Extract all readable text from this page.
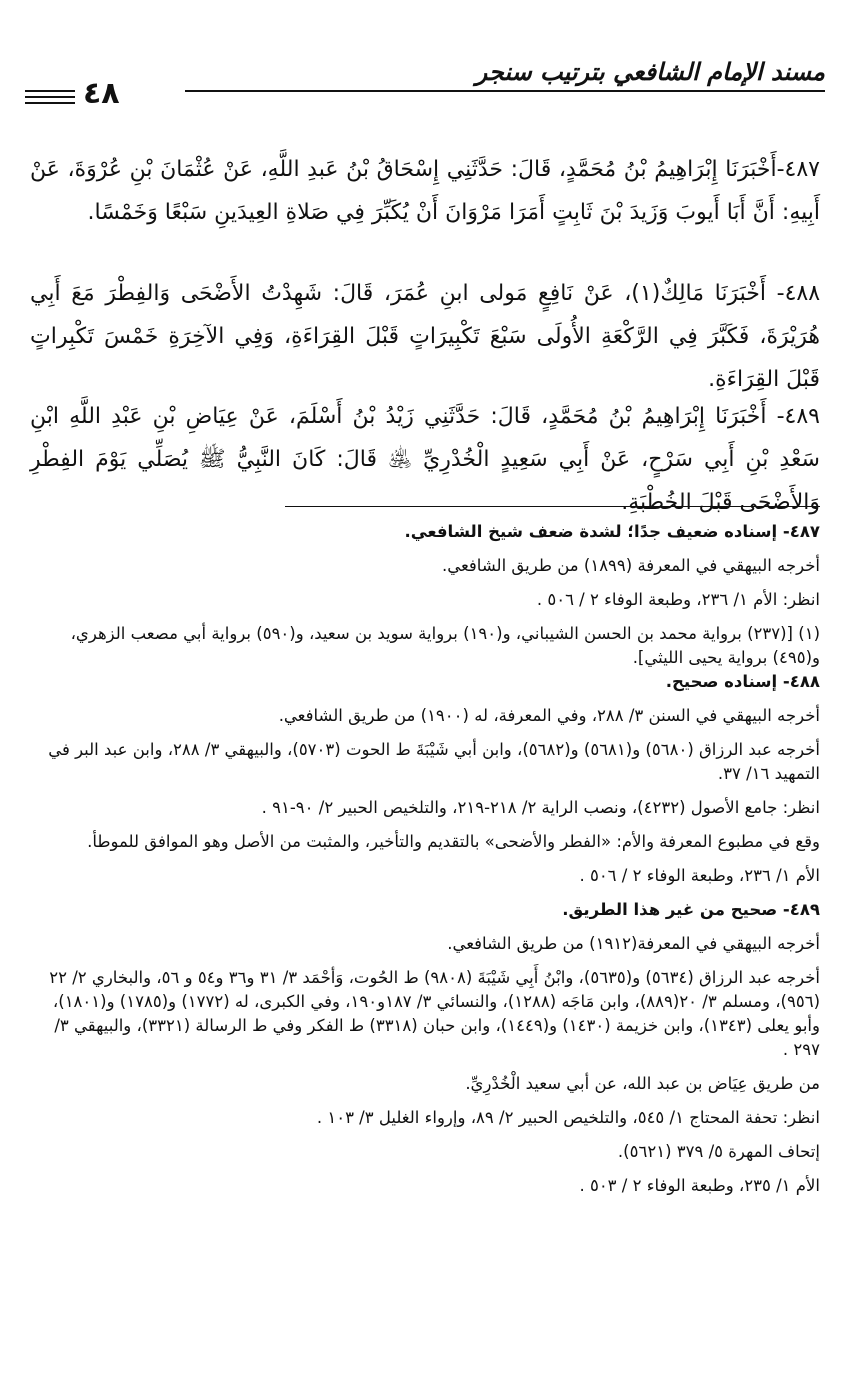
مسند الإمام الشافعي بترتيب سنجر
٤٨

٤٨٧-أَخْبَرَنَا إِبْرَاهِيمُ بْنُ مُحَمَّدٍ، قَالَ: حَدَّثَنِي إِسْحَاقُ بْنُ عَبدِ اللَّهِ، عَنْ عُثْمَانَ بْنِ عُرْوَةَ، عَنْ أَبِيهِ: أَنَّ أَبَا أَيوبَ وَزَيدَ بْنَ ثَابِتٍ أَمَرَا مَرْوَانَ أَنْ يُكَبِّرَ فِي صَلاةِ العِيدَينِ سَبْعًا وَخَمْسًا.

٤٨٨- أَخْبَرَنَا مَالِكٌ(١)، عَنْ نَافِعٍ مَولى ابنِ عُمَرَ، قَالَ: شَهِدْتُ الأَضْحَى وَالفِطْرَ مَعَ أَبِي هُرَيْرَةَ، فَكَبَّرَ فِي الرَّكْعَةِ الأُولَى سَبْعَ تَكْبِيرَاتٍ قَبْلَ القِرَاءَةِ، وَفِي الآخِرَةِ خَمْسَ تَكْبِراتٍ قَبْلَ القِرَاءَةِ.

٤٨٩- أَخْبَرَنَا إِبْرَاهِيمُ بْنُ مُحَمَّدٍ، قَالَ: حَدَّثَنِي زَيْدُ بْنُ أَسْلَمَ، عَنْ عِيَاضِ بْنِ عَبْدِ اللَّهِ ابْنِ سَعْدِ بْنِ أَبِي سَرْحٍ، عَنْ أَبِي سَعِيدٍ الْخُدْرِيِّ ﵁ قَالَ: كَانَ النَّبِيُّ ﷺ يُصَلِّي يَوْمَ الفِطْرِ وَالأَضْحَى قَبْلَ الخُطْبَةِ.

٤٨٧- إسناده ضعيف جدًا؛ لشدة ضعف شيخ الشافعي.

أخرجه البيهقي في المعرفة (١٨٩٩) من طريق الشافعي.

انظر: الأم ١/ ٢٣٦، وطبعة الوفاء ٢ / ٥٠٦ .

(١) [(٢٣٧) برواية محمد بن الحسن الشيباني، و(١٩٠) برواية سويد بن سعيد، و(٥٩٠) برواية أبي مصعب الزهري، و(٤٩٥) برواية يحيى الليثي].

٤٨٨- إسناده صحيح.

أخرجه البيهقي في السنن ٣/ ٢٨٨، وفي المعرفة، له (١٩٠٠) من طريق الشافعي.

أخرجه عبد الرزاق (٥٦٨٠) و(٥٦٨١) و(٥٦٨٢)، وابن أبي شَيْبَةَ ط الحوت (٥٧٠٣)، والبيهقي ٣/ ٢٨٨، وابن عبد البر في التمهيد ١٦/ ٣٧.

انظر: جامع الأصول (٤٢٣٢)، ونصب الراية ٢/ ٢١٨-٢١٩، والتلخيص الحبير ٢/ ٩٠-٩١ .

وقع في مطبوع المعرفة والأم: «الفطر والأضحى» بالتقديم والتأخير، والمثبت من الأصل وهو الموافق للموطأ.

الأم ١/ ٢٣٦، وطبعة الوفاء ٢ / ٥٠٦ .

٤٨٩- صحيح من غير هذا الطريق.

أخرجه البيهقي في المعرفة(١٩١٢) من طريق الشافعي.

أخرجه عبد الرزاق (٥٦٣٤) و(٥٦٣٥)، وابْنُ أَبِي شَيْبَةَ (٩٨٠٨) ط الحُوت، وَأحْمَد ٣/ ٣١ و٣٦ و٥٤ و ٥٦، والبخاري ٢/ ٢٢ (٩٥٦)، ومسلم ٣/ ٢٠(٨٨٩)، وابن مَاجَه (١٢٨٨)، والنسائي ٣/ ١٨٧و١٩٠، وفي الكبرى، له (١٧٧٢) و(١٧٨٥) و(١٨٠١)، وأبو يعلى (١٣٤٣)، وابن خزيمة (١٤٣٠) و(١٤٤٩)، وابن حبان (٣٣١٨) ط الفكر وفي ط الرسالة (٣٣٢١)، والبيهقي ٣/ ٢٩٧ .

من طريق عِيَاض بن عبد الله، عن أبي سعيد الْخُدْرِيِّ.

انظر: تحفة المحتاج ١/ ٥٤٥، والتلخيص الحبير ٢/ ٨٩، وإرواء الغليل ٣/ ١٠٣ .

إتحاف المهرة ٥/ ٣٧٩ (٥٦٢١).

الأم ١/ ٢٣٥، وطبعة الوفاء ٢ / ٥٠٣ .
